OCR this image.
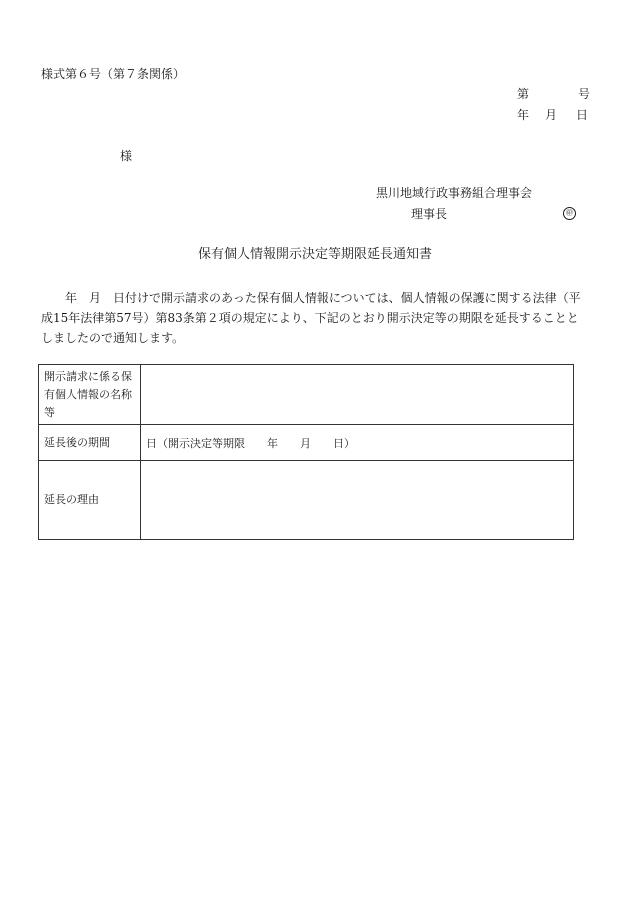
様式第６号（第７条関係）
第	号
年 月 日
様
黒川地域行政事務組合理事会
理事長	㊞
保有個人情報開示決定等期限延長通知書
年　月　日付けで開示請求のあった保有個人情報については、個人情報の保護に関する法律（平成15年法律第57号）第83条第２項の規定により、下記のとおり開示決定等の期限を延長することとしましたので通知します。
開示請求に係る保有個人情報の名称等	
延長後の期間	日（開示決定等期限　　年　　月　　日）
延長の理由	
